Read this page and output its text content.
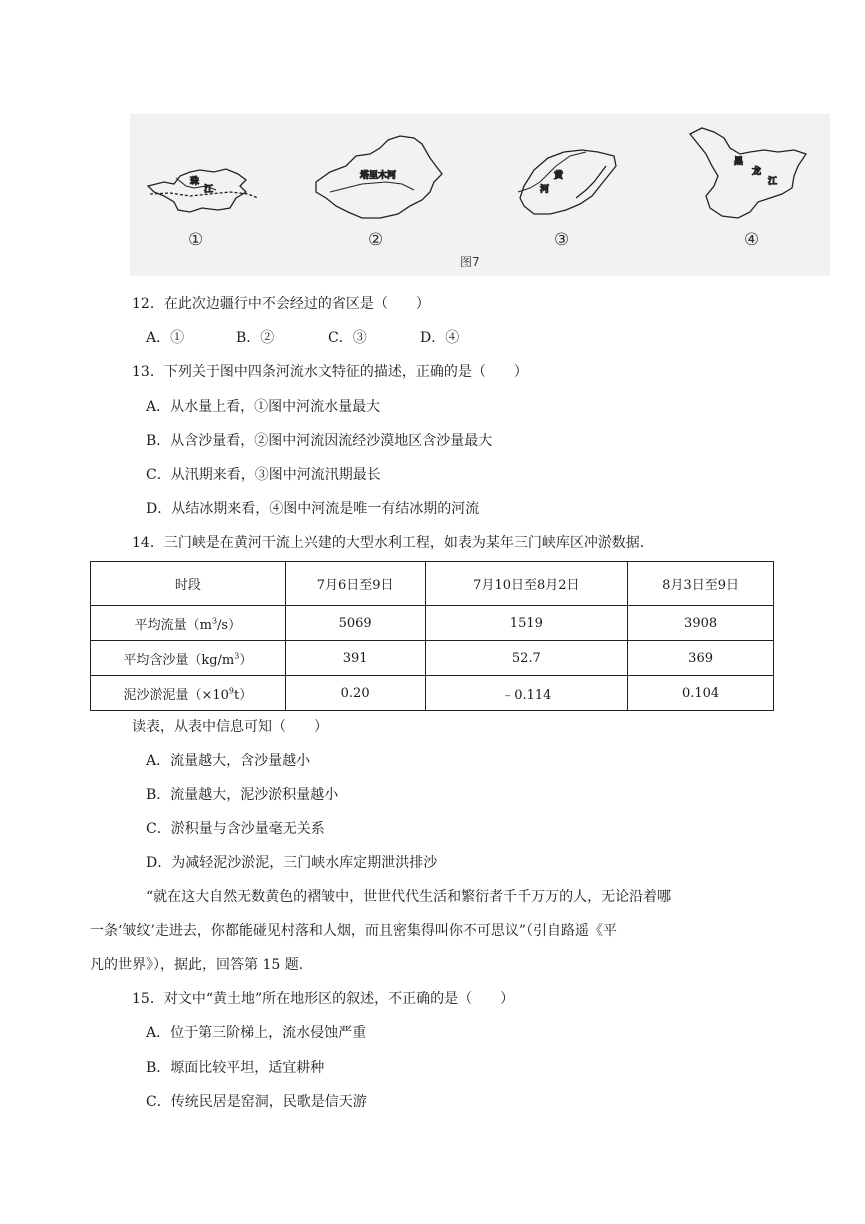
珠
江
塔里木河	黄
河
黑
龙
江
①	②	③	④
图7
12．在此次边疆行中不会经过的省区是（　　）
A．①	B．②	C．③	D．④
13．下列关于图中四条河流水文特征的描述，正确的是（　　）
A．从水量上看，①图中河流水量最大
B．从含沙量看，②图中河流因流经沙漠地区含沙量最大
C．从汛期来看，③图中河流汛期最长
D．从结冰期来看，④图中河流是唯一有结冰期的河流
14．三门峡是在黄河干流上兴建的大型水利工程，如表为某年三门峡库区冲淤数据．
时段	7月6日至9日	7月10日至8月2日	8月3日至9日
平均流量$(m^3/s)$	5069	1519	3908
平均含沙量$(kg/m^3)$	391	52.7	369
泥沙淤泥量$(\times 10^9t)$	0.20	﹣0.114	0.104
读表，从表中信息可知（　　）
A．流量越大，含沙量越小
B．流量越大，泥沙淤积量越小
C．淤积量与含沙量毫无关系
D．为减轻泥沙淤泥，三门峡水库定期泄洪排沙
“就在这大自然无数黄色的褶皱中，世世代代生活和繁衍者千千万万的人，无论沿着哪
一条‘皱纹’走进去，你都能碰见村落和人烟，而且密集得叫你不可思议”（引自路遥《平
凡的世界》），据此，回答第 15 题.
15．对文中“黄土地”所在地形区的叙述，不正确的是（　　）
A．位于第三阶梯上，流水侵蚀严重
B．塬面比较平坦，适宜耕种
C．传统民居是窑洞，民歌是信天游
